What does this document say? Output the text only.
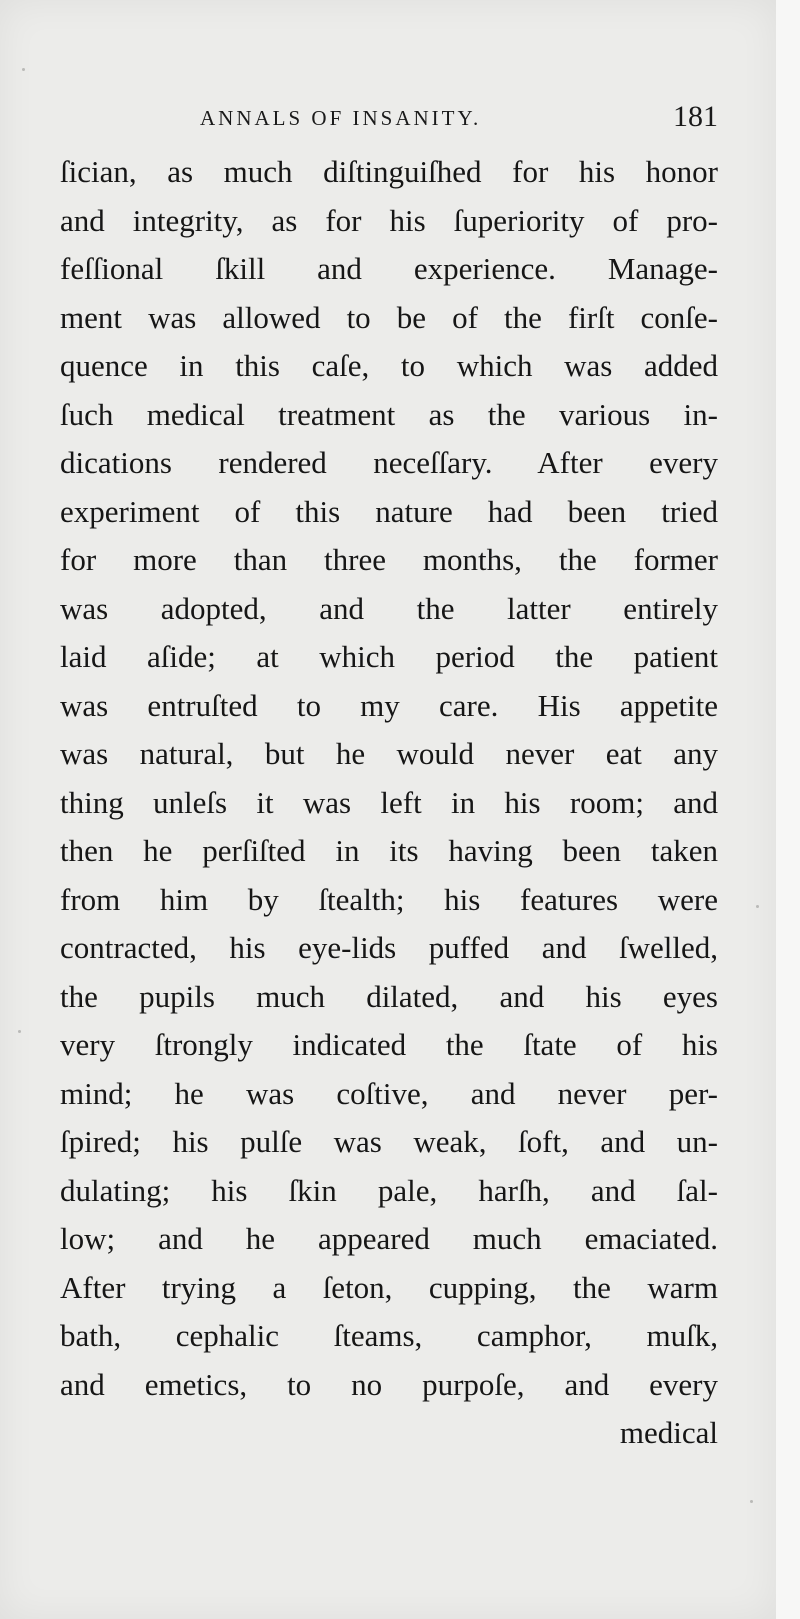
ANNALS OF INSANITY.	181
ſician, as much diſtinguiſhed for his honor
and integrity, as for his ſuperiority of pro-
feſſional ſkill and experience. Manage-
ment was allowed to be of the firſt conſe-
quence in this caſe, to which was added
ſuch medical treatment as the various in-
dications rendered neceſſary. After every
experiment of this nature had been tried
for more than three months, the former
was adopted, and the latter entirely
laid aſide; at which period the patient
was entruſted to my care. His appetite
was natural, but he would never eat any
thing unleſs it was left in his room; and
then he perſiſted in its having been taken
from him by ſtealth; his features were
contracted, his eye-lids puffed and ſwelled,
the pupils much dilated, and his eyes
very ſtrongly indicated the ſtate of his
mind; he was coſtive, and never per-
ſpired; his pulſe was weak, ſoft, and un-
dulating; his ſkin pale, harſh, and ſal-
low; and he appeared much emaciated.
After trying a ſeton, cupping, the warm
bath, cephalic ſteams, camphor, muſk,
and emetics, to no purpoſe, and every
medical
